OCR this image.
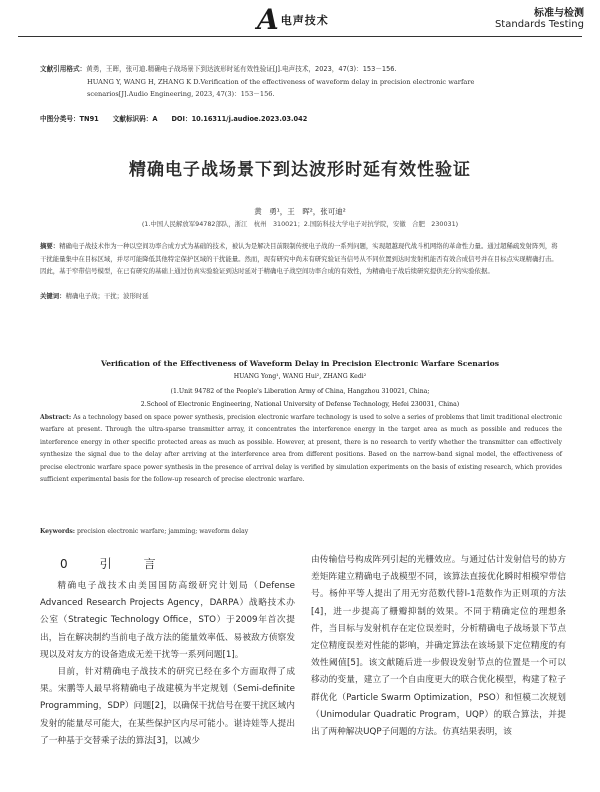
A 电声技术
标准与检测
Standards Testing
文献引用格式：黄勇，王晖，张可迪.精确电子战场景下到达波形时延有效性验证[J].电声技术，2023，47(3)：153－156.
HUANG Y, WANG H, ZHANG K D.Verification of the effectiveness of waveform delay in precision electronic warfare
scenarios[J].Audio Engineering, 2023, 47(3)：153－156.
中图分类号：TN91 文献标识码：A DOI：10.16311/j.audioe.2023.03.042
精确电子战场景下到达波形时延有效性验证
黄　勇¹，王　晖²，张可迪²
(1.中国人民解放军94782部队，浙江　杭州　310021；2.国防科技大学电子对抗学院，安徽　合肥　230031)
摘要：精确电子战技术作为一种以空间功率合成方式为基础的技术，被认为是解决目前限制传统电子战的一系列问题，实现超越现代战斗机网络的革命性力量。通过超稀疏发射阵列，将干扰能量集中在目标区域，并尽可能降低其他特定保护区域的干扰能量。然而，现有研究中尚未有研究验证当信号从不同位置到达时发射机能否有效合成信号并在目标点实现精确打击。因此，基于窄带信号模型，在已有研究的基础上通过仿真实验验证到达时延对于精确电子战空间功率合成的有效性，为精确电子战后续研究提供充分的实验依据。
关键词：精确电子战；干扰；波形时延
Verification of the Effectiveness of Waveform Delay in Precision Electronic Warfare Scenarios
HUANG Yong¹, WANG Hui², ZHANG Kedi²
(1.Unit 94782 of the People's Liberation Army of China, Hangzhou 310021, China;
2.School of Electronic Engineering, National University of Defense Technology, Hefei 230031, China)
Abstract: As a technology based on space power synthesis, precision electronic warfare technology is used to solve a series of problems that limit traditional electronic warfare at present. Through the ultra-sparse transmitter array, it concentrates the interference energy in the target area as much as possible and reduces the interference energy in other specific protected areas as much as possible. However, at present, there is no research to verify whether the transmitter can effectively synthesize the signal due to the delay after arriving at the interference area from different positions. Based on the narrow-band signal model, the effectiveness of precise electronic warfare space power synthesis in the presence of arrival delay is verified by simulation experiments on the basis of existing research, which provides sufficient experimental basis for the follow-up research of precise electronic warfare.
Keywords: precision electronic warfare; jamming; waveform delay
0　引　言

精确电子战技术由美国国防高级研究计划局（Defense Advanced Research Projects Agency，DARPA）战略技术办公室（Strategic Technology Office，STO）于2009年首次提出，旨在解决制约当前电子战方法的能量效率低、易被敌方侦察发现以及对友方的设备造成无差干扰等一系列问题[1]。

目前，针对精确电子战技术的研究已经在多个方面取得了成果。宋鹏等人最早将精确电子战建模为半定规划（Semi-definite Programming，SDP）问题[2]，以确保干扰信号在要干扰区域内发射的能量尽可能大，在某些保护区内尽可能小。谌诗娃等人提出了一种基于交替乘子法的算法[3]，以减少

由传输信号构成阵列引起的光栅效应。与通过估计发射信号的协方差矩阵建立精确电子战模型不同，该算法直接优化瞬时相模窄带信号。杨仲平等人提出了用无穷范数代替l-1范数作为正则项的方法[4]，进一步提高了栅瓣抑制的效果。不同于精确定位的理想条件，当目标与发射机存在定位误差时，分析精确电子战场景下节点定位精度误差对性能的影响，并确定算法在该场景下定位精度的有效性阈值[5]。该文献随后进一步假设发射节点的位置是一个可以移动的变量，建立了一个自由度更大的联合优化模型，构建了粒子群优化（Particle Swarm Optimization，PSO）和恒模二次规划（Unimodular Quadratic Program，UQP）的联合算法，并提出了两种解决UQP子问题的方法。仿真结果表明，该
